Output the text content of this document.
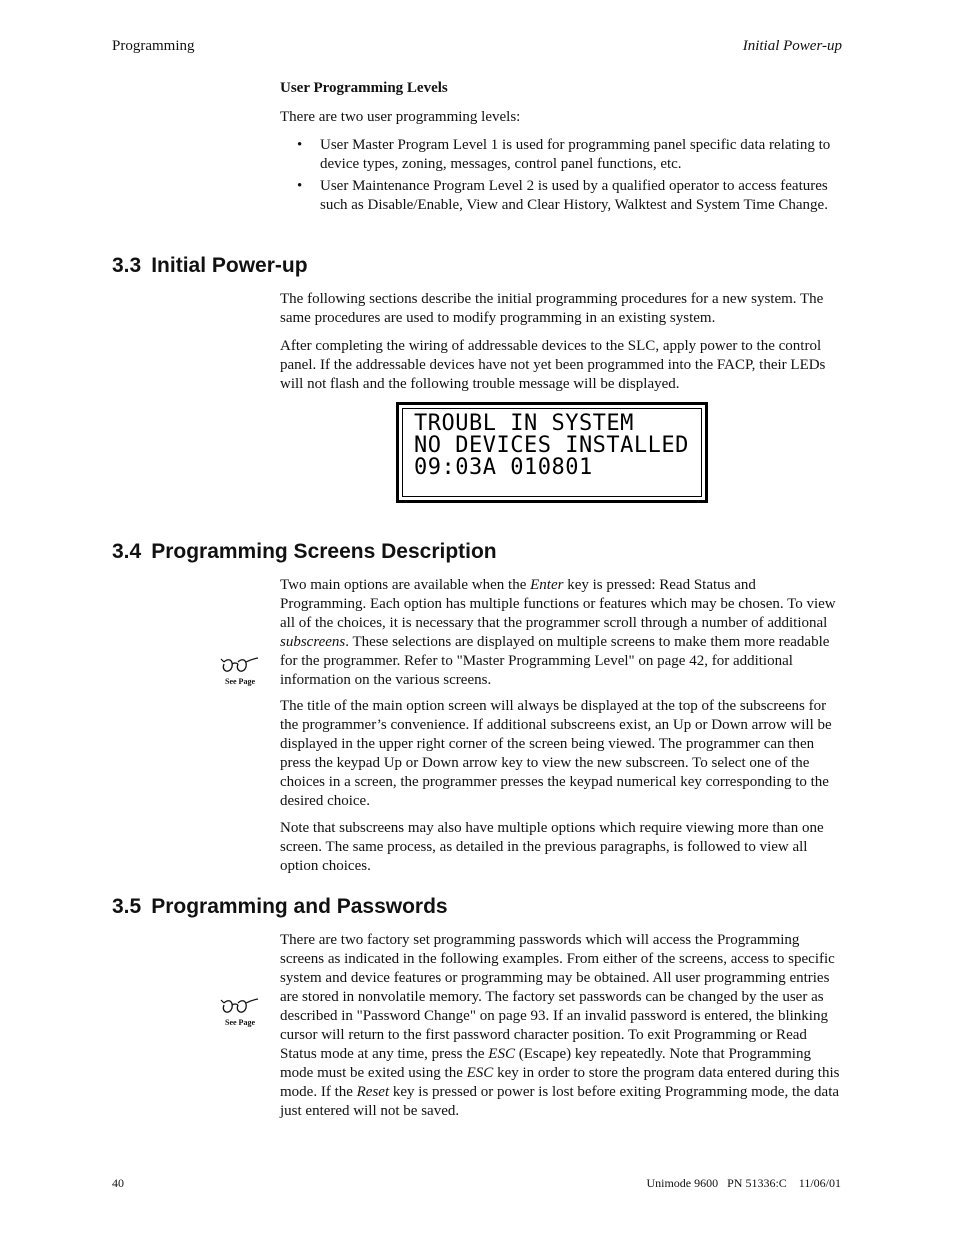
Programming	Initial Power-up
User Programming Levels
There are two user programming levels:
• User Master Program Level 1 is used for programming panel specific data relating to device types, zoning, messages, control panel functions, etc.
• User Maintenance Program Level 2 is used by a qualified operator to access features such as Disable/Enable, View and Clear History, Walktest and System Time Change.
3.3 Initial Power-up
The following sections describe the initial programming procedures for a new system. The same procedures are used to modify programming in an existing system.
After completing the wiring of addressable devices to the SLC, apply power to the control panel. If the addressable devices have not yet been programmed into the FACP, their LEDs will not flash and the following trouble message will be displayed.
TROUBL IN SYSTEM
NO DEVICES INSTALLED
09:03A 010801
3.4 Programming Screens Description
Two main options are available when the Enter key is pressed: Read Status and Programming. Each option has multiple functions or features which may be chosen. To view all of the choices, it is necessary that the programmer scroll through a number of additional subscreens. These selections are displayed on multiple screens to make them more readable for the programmer. Refer to "Master Programming Level" on page 42, for additional information on the various screens.
See Page
The title of the main option screen will always be displayed at the top of the subscreens for the programmer’s convenience. If additional subscreens exist, an Up or Down arrow will be displayed in the upper right corner of the screen being viewed. The programmer can then press the keypad Up or Down arrow key to view the new subscreen. To select one of the choices in a screen, the programmer presses the keypad numerical key corresponding to the desired choice.
Note that subscreens may also have multiple options which require viewing more than one screen. The same process, as detailed in the previous paragraphs, is followed to view all option choices.
3.5 Programming and Passwords
There are two factory set programming passwords which will access the Programming screens as indicated in the following examples. From either of the screens, access to specific system and device features or programming may be obtained. All user programming entries are stored in nonvolatile memory. The factory set passwords can be changed by the user as described in "Password Change" on page 93. If an invalid password is entered, the blinking cursor will return to the first password character position. To exit Programming or Read Status mode at any time, press the ESC (Escape) key repeatedly. Note that Programming mode must be exited using the ESC key in order to store the program data entered during this mode. If the Reset key is pressed or power is lost before exiting Programming mode, the data just entered will not be saved.
See Page
40	Unimode 9600   PN 51336:C    11/06/01
